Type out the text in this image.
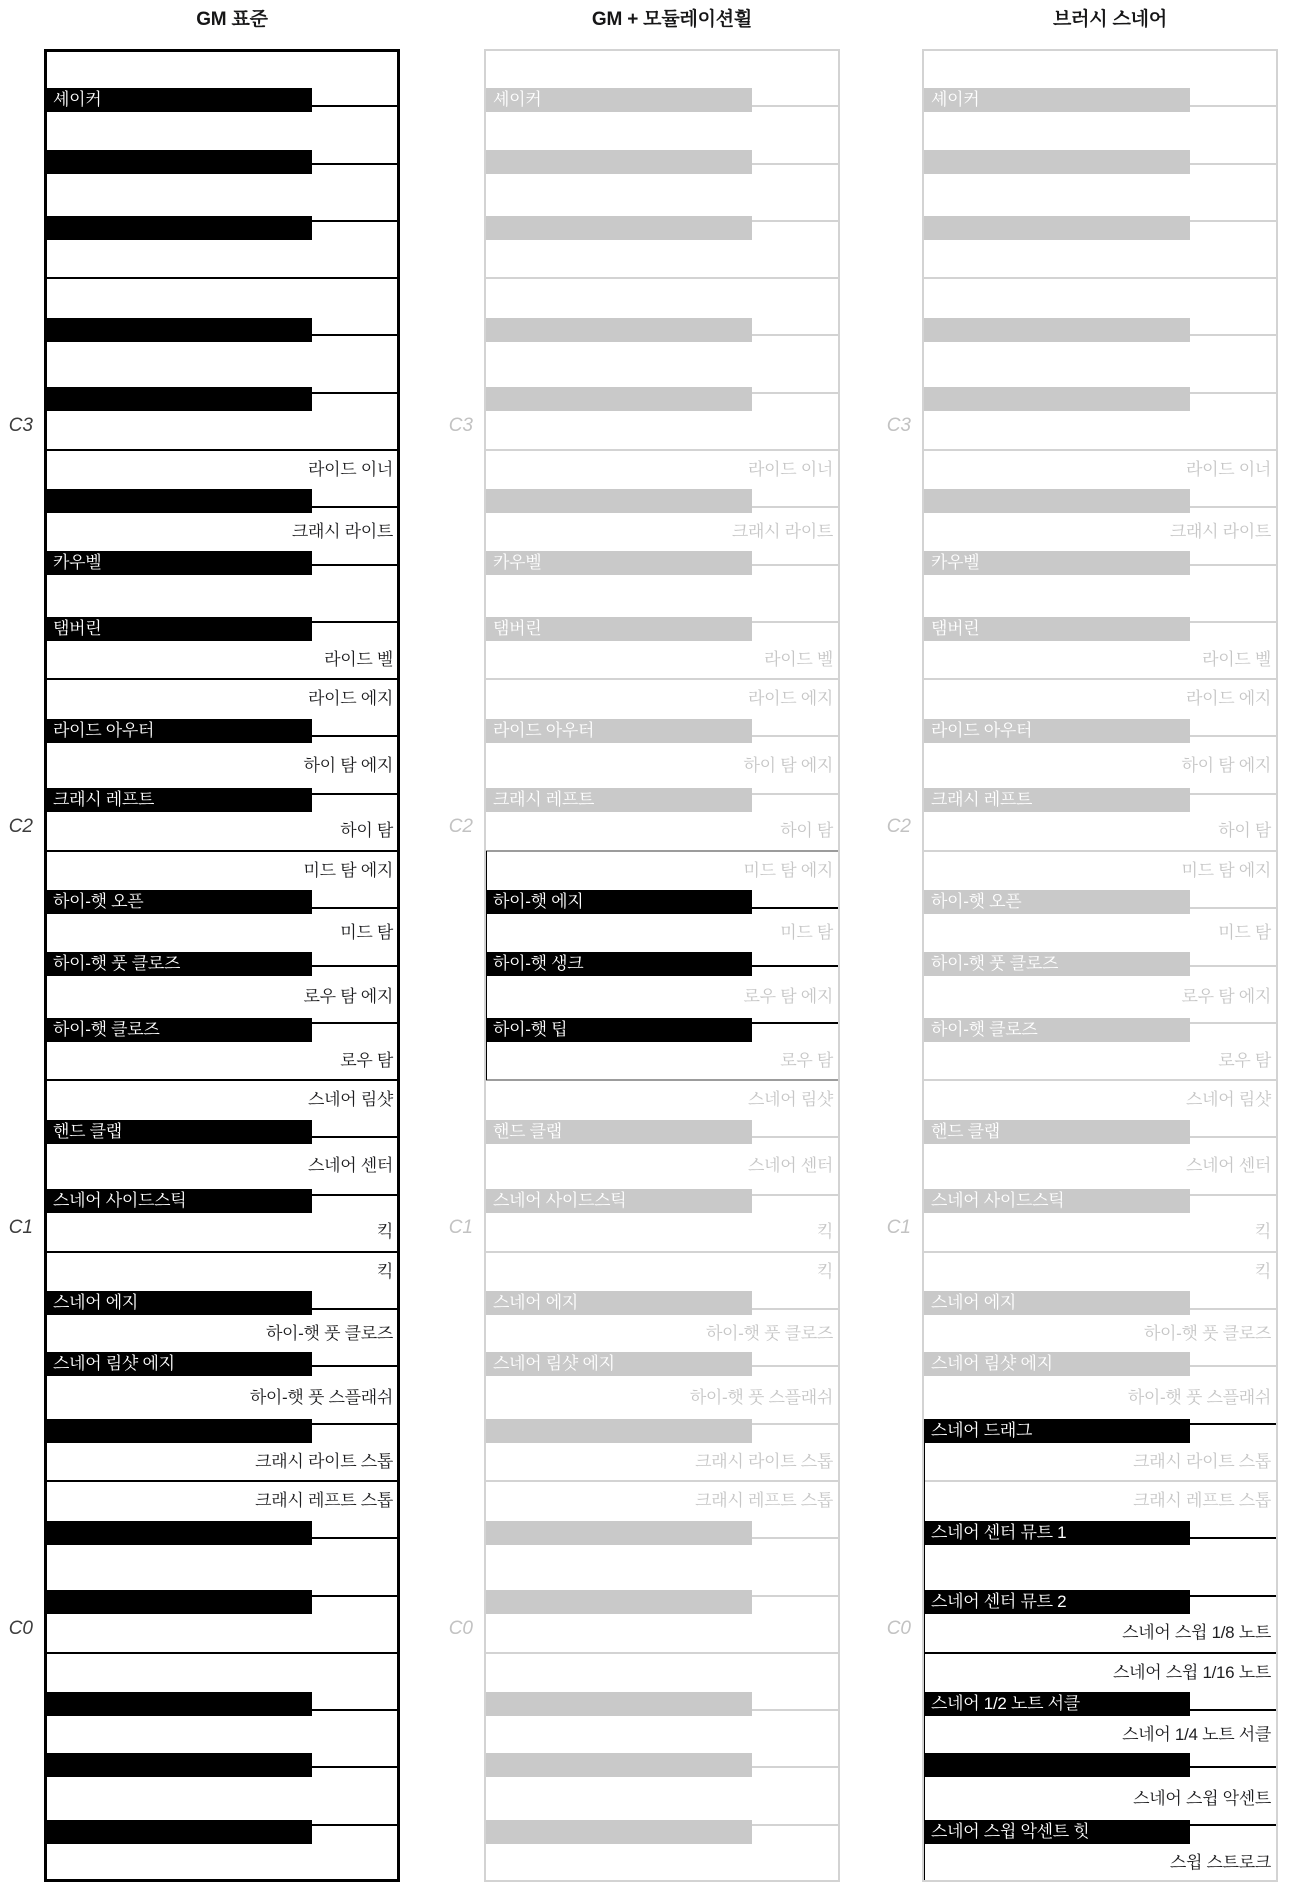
GM 표준	GM + 모듈레이션휠	브러시 스네어
라이드 이너
크래시 라이트
라이드 벨
라이드 에지
하이 탐 에지
하이 탐
미드 탐 에지
미드 탐
로우 탐 에지
로우 탐
스네어 림샷
스네어 센터
킥
킥
하이-햇 풋 클로즈
하이-햇 풋 스플래쉬
크래시 라이트 스톱
크래시 레프트 스톱
셰이커
카우벨
탬버린
라이드 아우터
크래시 레프트
하이-햇 오픈
하이-햇 풋 클로즈
하이-햇 클로즈
핸드 클랩
스네어 사이드스틱
스네어 에지
스네어 림샷 에지
C3
C2
C1
C0
라이드 이너
크래시 라이트
라이드 벨
라이드 에지
하이 탐 에지
하이 탐
미드 탐 에지
미드 탐
로우 탐 에지
로우 탐
스네어 림샷
스네어 센터
킥
킥
하이-햇 풋 클로즈
하이-햇 풋 스플래쉬
크래시 라이트 스톱
크래시 레프트 스톱
셰이커
카우벨
탬버린
라이드 아우터
크래시 레프트
하이-햇 에지
하이-햇 생크
하이-햇 팁
핸드 클랩
스네어 사이드스틱
스네어 에지
스네어 림샷 에지
C3
C2
C1
C0
라이드 이너
크래시 라이트
라이드 벨
라이드 에지
하이 탐 에지
하이 탐
미드 탐 에지
미드 탐
로우 탐 에지
로우 탐
스네어 림샷
스네어 센터
킥
킥
하이-햇 풋 클로즈
하이-햇 풋 스플래쉬
크래시 라이트 스톱
크래시 레프트 스톱
스네어 스윕 1/8 노트
스네어 스윕 1/16 노트
스네어 1/4 노트 서클
스네어 스윕 악센트
스윕 스트로크
셰이커
카우벨
탬버린
라이드 아우터
크래시 레프트
하이-햇 오픈
하이-햇 풋 클로즈
하이-햇 클로즈
핸드 클랩
스네어 사이드스틱
스네어 에지
스네어 림샷 에지
스네어 드래그
스네어 센터 뮤트 1
스네어 센터 뮤트 2
스네어 1/2 노트 서클
스네어 스윕 악센트 힛
C3
C2
C1
C0
